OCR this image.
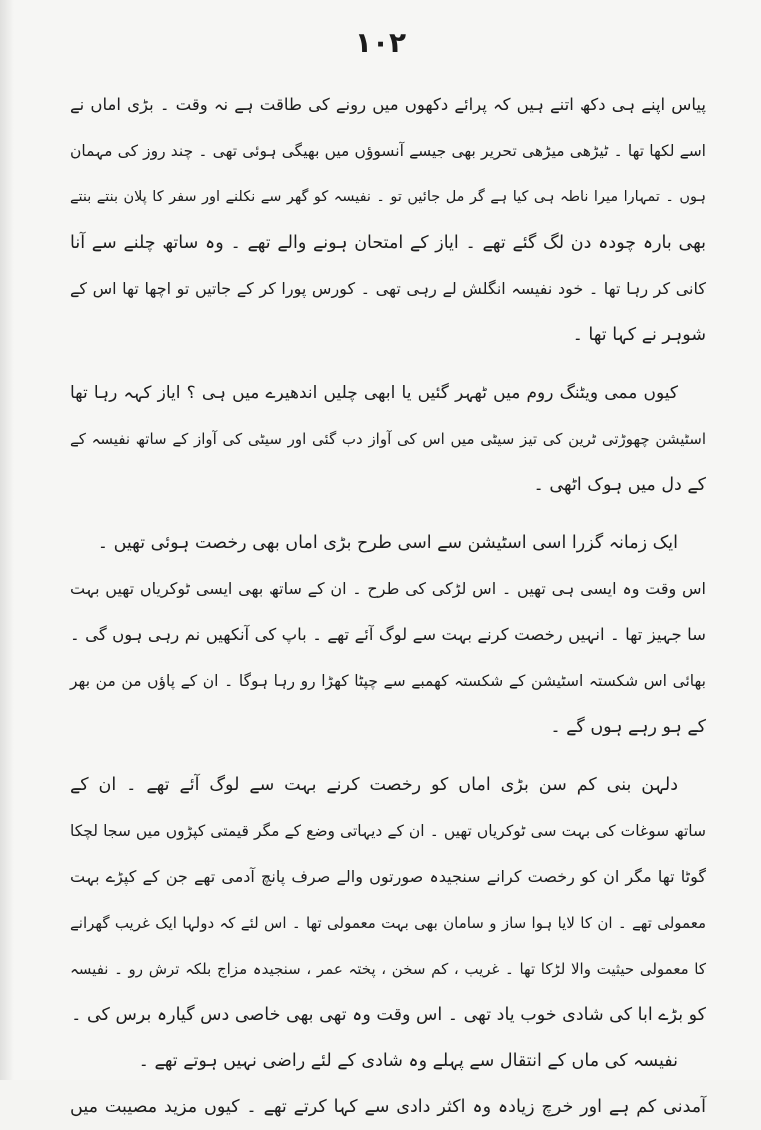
۱۰۲
پیاس اپنے ہی دکھ اتنے ہیں کہ پرائے دکھوں میں رونے کی طاقت ہے نہ وقت ۔ بڑی اماں نے
اسے لکھا تھا ۔ ٹیڑھی میڑھی تحریر بھی جیسے آنسوؤں میں بھیگی ہوئی تھی ۔ چند روز کی مہمان
ہوں ۔ تمہارا میرا ناطہ ہی کیا ہے گر مل جائیں تو ۔ نفیسہ کو گھر سے نکلنے اور سفر کا پلان بنتے بنتے
بھی بارہ چودہ دن لگ گئے تھے ۔ ایاز کے امتحان ہونے والے تھے ۔ وہ ساتھ چلنے سے آنا
کانی کر رہا تھا ۔ خود نفیسہ انگلش لے رہی تھی ۔ کورس پورا کر کے جاتیں تو اچھا تھا اس کے
شوہر نے کہا تھا ۔
کیوں ممی ویٹنگ روم میں ٹھہر گئیں یا ابھی چلیں اندھیرے میں ہی ؟ ایاز کہہ رہا تھا
اسٹیشن چھوڑتی ٹرین کی تیز سیٹی میں اس کی آواز دب گئی اور سیٹی کی آواز کے ساتھ نفیسہ کے
کے دل میں ہوک اٹھی ۔
ایک زمانہ گزرا اسی اسٹیشن سے اسی طرح بڑی اماں بھی رخصت ہوئی تھیں ۔
اس وقت وہ ایسی ہی تھیں ۔ اس لڑکی کی طرح ۔ ان کے ساتھ بھی ایسی ٹوکریاں تھیں بہت
سا جہیز تھا ۔ انہیں رخصت کرنے بہت سے لوگ آئے تھے ۔ باپ کی آنکھیں نم رہی ہوں گی ۔
بھائی اس شکستہ اسٹیشن کے شکستہ کھمبے سے چپٹا کھڑا رو رہا ہوگا ۔ ان کے پاؤں من من بھر
کے ہو رہے ہوں گے ۔
دلہن بنی کم سن بڑی اماں کو رخصت کرنے بہت سے لوگ آئے تھے ۔ ان کے
ساتھ سوغات کی بہت سی ٹوکریاں تھیں ۔ ان کے دیہاتی وضع کے مگر قیمتی کپڑوں میں سجا لچکا
گوٹا تھا مگر ان کو رخصت کرانے سنجیدہ صورتوں والے صرف پانچ آدمی تھے جن کے کپڑے بہت
معمولی تھے ۔ ان کا لایا ہوا ساز و سامان بھی بہت معمولی تھا ۔ اس لئے کہ دولہا ایک غریب گھرانے
کا معمولی حیثیت والا لڑکا تھا ۔ غریب ، کم سخن ، پختہ عمر ، سنجیدہ مزاج بلکہ ترش رو ۔ نفیسہ
کو بڑے ابا کی شادی خوب یاد تھی ۔ اس وقت وہ تھی بھی خاصی دس گیارہ برس کی ۔
نفیسہ کی ماں کے انتقال سے پہلے وہ شادی کے لئے راضی نہیں ہوتے تھے ۔
آمدنی کم ہے اور خرچ زیادہ وہ اکثر دادی سے کہا کرتے تھے ۔ کیوں مزید مصیبت میں
